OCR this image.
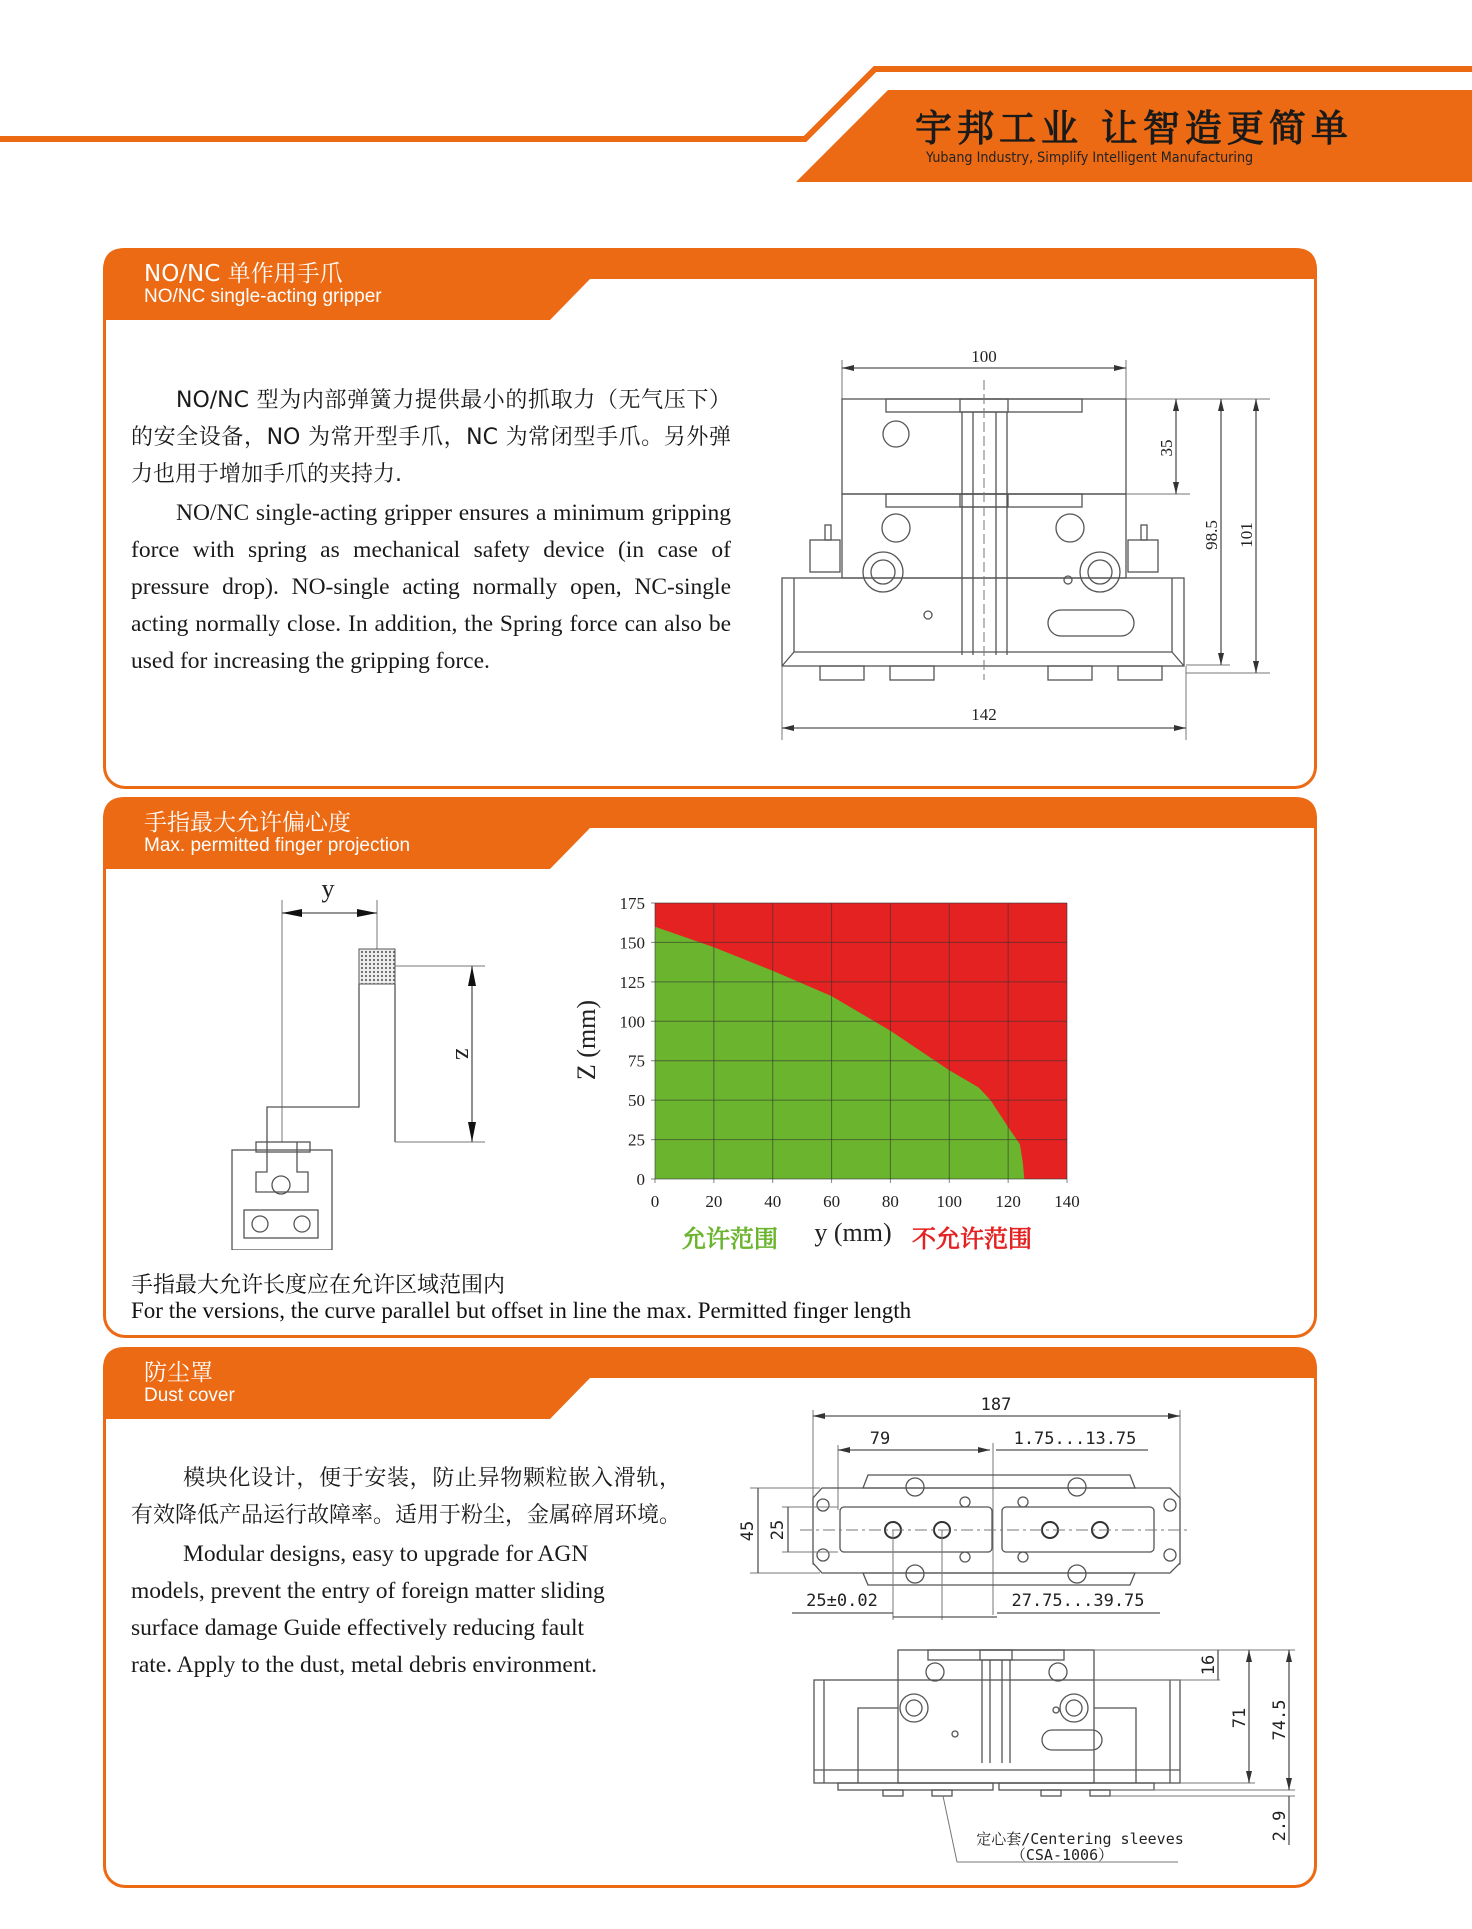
宇邦工业 让智造更简单
Yubang Industry, Simplify Intelligent Manufacturing
NO/NC 单作用手爪
NO/NC single-acting gripper

NO/NC 型为内部弹簧力提供最小的抓取力（无气压下）的安全设备，NO 为常开型手爪，NC 为常闭型手爪。另外弹力也用于增加手爪的夹持力.

NO/NC single-acting gripper ensures a minimum gripping force with spring as mechanical safety device (in case of pressure drop). NO-single acting normally open, NC-single acting normally close. In addition, the Spring force can also be used for increasing the gripping force.

100
142
35
98.5 101
手指最大允许偏心度
Max. permitted finger projection
y
z
0	20 40 60 80 100 120 140
0
25
50
75
100
125
150
175
Z (mm)
y (mm)
允许范围	不允许范围
手指最大允许长度应在允许区域范围内
For the versions, the curve parallel but offset in line the max. Permitted finger length
防尘罩
Dust cover

模块化设计，便于安装，防止异物颗粒嵌入滑轨，有效降低产品运行故障率。适用于粉尘，金属碎屑环境。

Modular designs, easy to upgrade for AGN

models, prevent the entry of foreign matter sliding

surface damage Guide effectively reducing fault

rate. Apply to the dust, metal debris environment.

187
79	1.75...13.75
45 25
25±0.02	27.75...39.75
16
71 74.5
2.9
定心套/Centering sleeves
（CSA-1006）
